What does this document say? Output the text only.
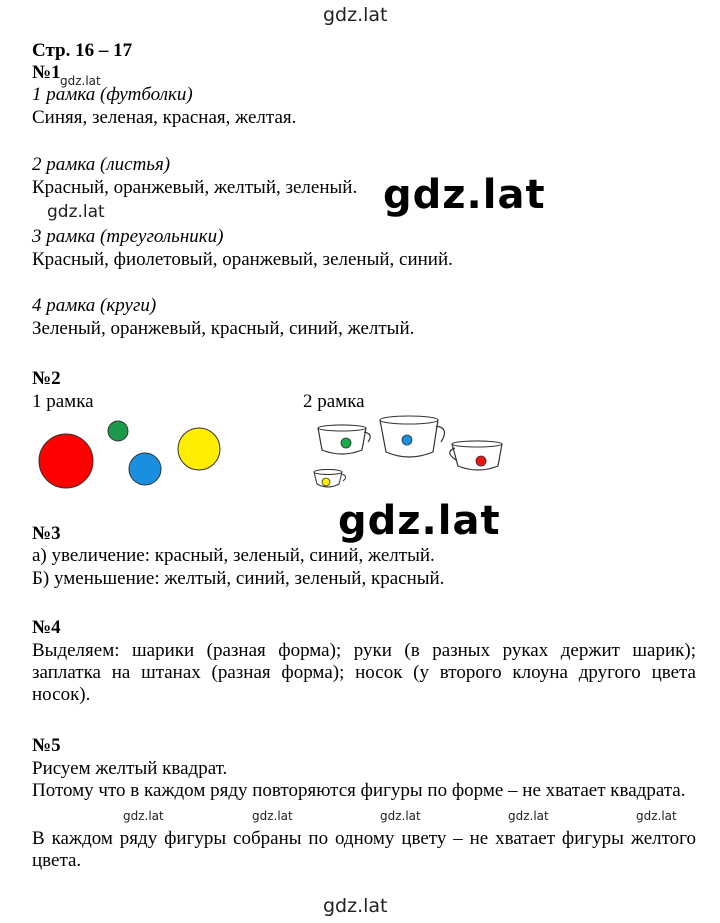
gdz.lat
gdz.lat
gdz.lat
gdz.lat
gdz.lat
gdz.lat	gdz.lat	gdz.lat	gdz.lat	gdz.lat
gdz.lat
Стр. 16 – 17
№1
1 рамка (футболки)
Синяя, зеленая, красная, желтая.
2 рамка (листья)
Красный, оранжевый, желтый, зеленый.
3 рамка (треугольники)
Красный, фиолетовый, оранжевый, зеленый, синий.
4 рамка (круги)
Зеленый, оранжевый, красный, синий, желтый.
№2
1 рамка	2 рамка
№3
а) увеличение: красный, зеленый, синий, желтый.
Б) уменьшение: желтый, синий, зеленый, красный.
№4
Выделяем: шарики (разная форма); руки (в разных руках держит шарик); заплатка на штанах (разная форма); носок (у второго клоуна другого цвета носок).
№5
Рисуем желтый квадрат.
Потому что в каждом ряду повторяются фигуры по форме – не хватает квадрата.
В каждом ряду фигуры собраны по одному цвету – не хватает фигуры желтого цвета.
